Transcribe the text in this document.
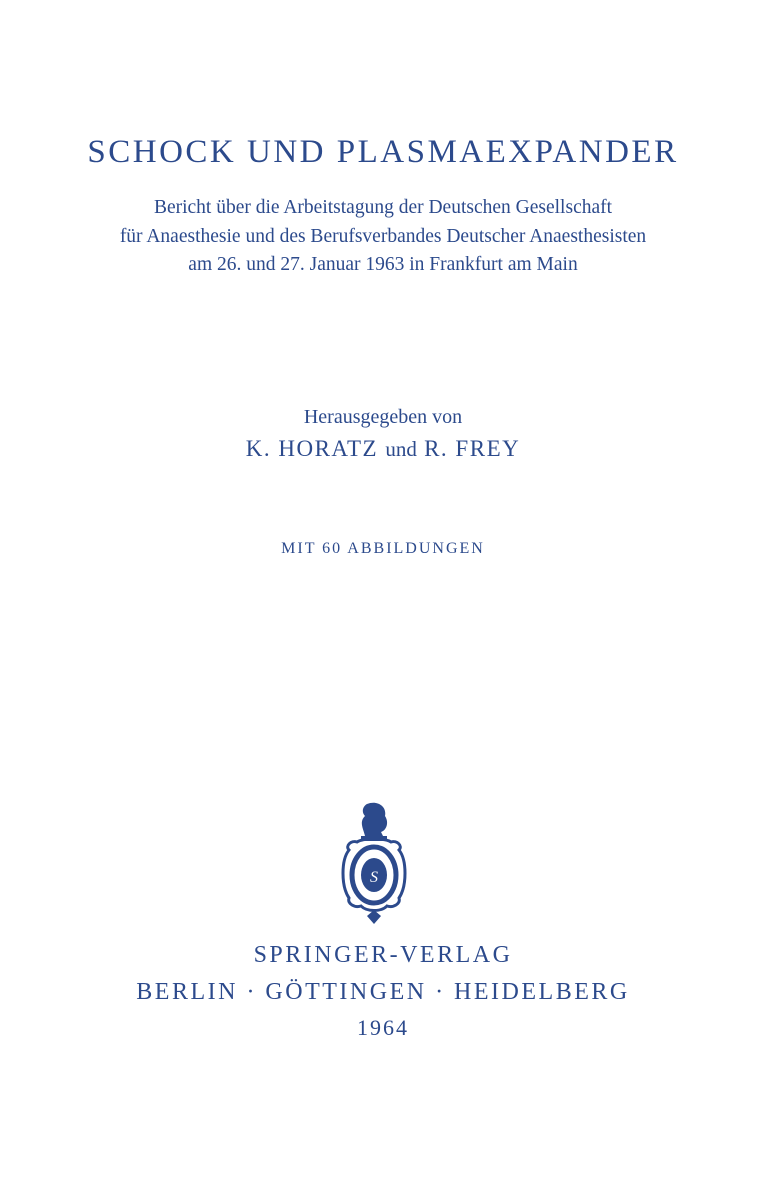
SCHOCK UND PLASMAEXPANDER
Bericht über die Arbeitstagung der Deutschen Gesellschaft
für Anaesthesie und des Berufsverbandes Deutscher Anaesthesisten
am 26. und 27. Januar 1963 in Frankfurt am Main
Herausgegeben von
K. HORATZ und R. FREY
MIT 60 ABBILDUNGEN
S
SPRINGER-VERLAG
BERLIN · GÖTTINGEN · HEIDELBERG
1964
